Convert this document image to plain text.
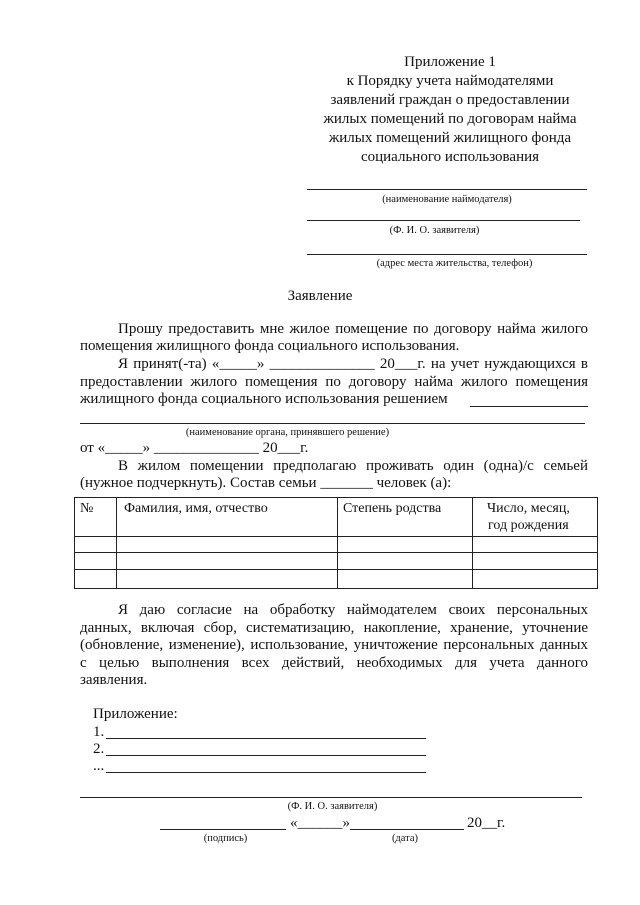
Приложение 1
к Порядку учета наймодателями
заявлений граждан о предоставлении
жилых помещений по договорам найма
жилых помещений жилищного фонда
социального использования
(наименование наймодателя)
(Ф. И. О. заявителя)
(адрес места жительства, телефон)
Заявление
Прошу предоставить мне жилое помещение по договору найма жилого
помещения жилищного фонда социального использования.
Я принят(-та) «_____» ______________ 20___г. на учет нуждающихся в
предоставлении жилого помещения по договору найма жилого помещения
жилищного фонда социального использования решением
(наименование органа, принявшего решение)
от «_____» ______________ 20___г.
В жилом помещении предполагаю проживать один (одна)/с семьей
(нужное подчеркнуть). Состав семьи _______ человек (а):
№ Фамилия, имя, отчество	Степень родства	Число, месяц,
год рождения
Я даю согласие на обработку наймодателем своих персональных
данных, включая сбор, систематизацию, накопление, хранение, уточнение
(обновление, изменение), использование, уничтожение персональных данных
с целью выполнения всех действий, необходимых для учета данного
заявления.
Приложение:
1.
2.
...
(Ф. И. О. заявителя)
«______»	20__г.
(подпись)	(дата)
